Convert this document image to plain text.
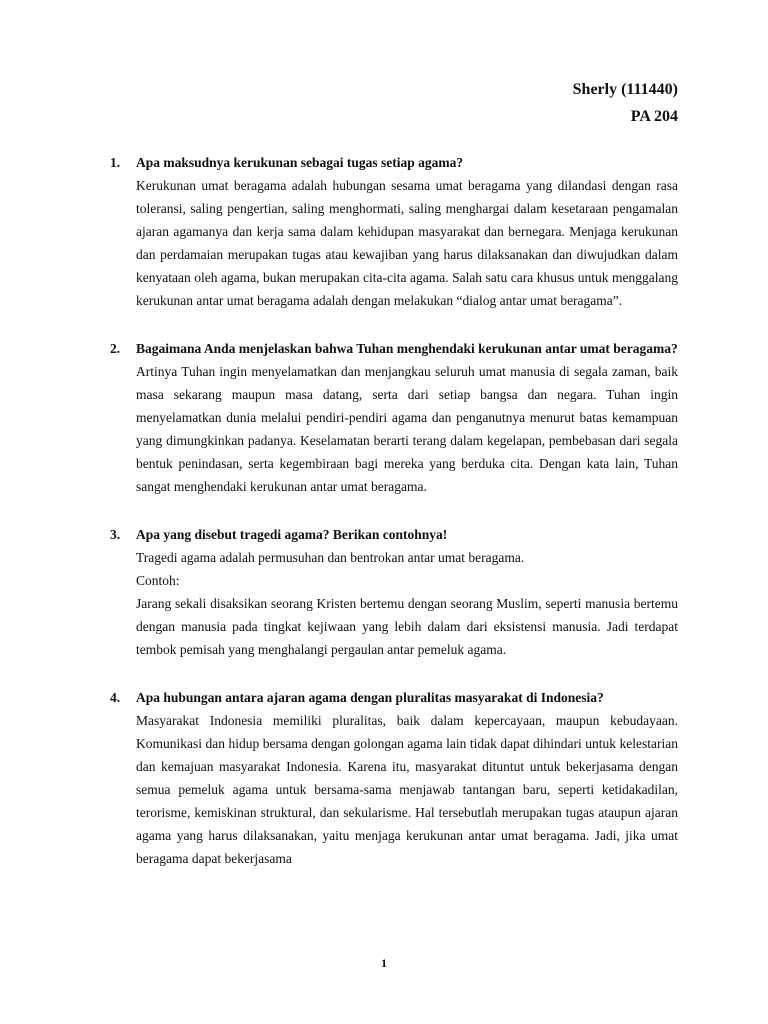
Sherly (111440)
PA 204
1. Apa maksudnya kerukunan sebagai tugas setiap agama?

Kerukunan umat beragama adalah hubungan sesama umat beragama yang dilandasi dengan rasa toleransi, saling pengertian, saling menghormati, saling menghargai dalam kesetaraan pengamalan ajaran agamanya dan kerja sama dalam kehidupan masyarakat dan bernegara. Menjaga kerukunan dan perdamaian merupakan tugas atau kewajiban yang harus dilaksanakan dan diwujudkan dalam kenyataan oleh agama, bukan merupakan cita-cita agama. Salah satu cara khusus untuk menggalang kerukunan antar umat beragama adalah dengan melakukan “dialog antar umat beragama”.

2. Bagaimana Anda menjelaskan bahwa Tuhan menghendaki kerukunan antar umat beragama?

Artinya Tuhan ingin menyelamatkan dan menjangkau seluruh umat manusia di segala zaman, baik masa sekarang maupun masa datang, serta dari setiap bangsa dan negara. Tuhan ingin menyelamatkan dunia melalui pendiri-pendiri agama dan penganutnya menurut batas kemampuan yang dimungkinkan padanya. Keselamatan berarti terang dalam kegelapan, pembebasan dari segala bentuk penindasan, serta kegembiraan bagi mereka yang berduka cita. Dengan kata lain, Tuhan sangat menghendaki kerukunan antar umat beragama.

3. Apa yang disebut tragedi agama? Berikan contohnya!

Tragedi agama adalah permusuhan dan bentrokan antar umat beragama.

Contoh:

Jarang sekali disaksikan seorang Kristen bertemu dengan seorang Muslim, seperti manusia bertemu dengan manusia pada tingkat kejiwaan yang lebih dalam dari eksistensi manusia. Jadi terdapat tembok pemisah yang menghalangi pergaulan antar pemeluk agama.

4. Apa hubungan antara ajaran agama dengan pluralitas masyarakat di Indonesia?

Masyarakat Indonesia memiliki pluralitas, baik dalam kepercayaan, maupun kebudayaan. Komunikasi dan hidup bersama dengan golongan agama lain tidak dapat dihindari untuk kelestarian dan kemajuan masyarakat Indonesia. Karena itu, masyarakat dituntut untuk bekerjasama dengan semua pemeluk agama untuk bersama-sama menjawab tantangan baru, seperti ketidakadilan, terorisme, kemiskinan struktural, dan sekularisme. Hal tersebutlah merupakan tugas ataupun ajaran agama yang harus dilaksanakan, yaitu menjaga kerukunan antar umat beragama. Jadi, jika umat beragama dapat bekerjasama

1
